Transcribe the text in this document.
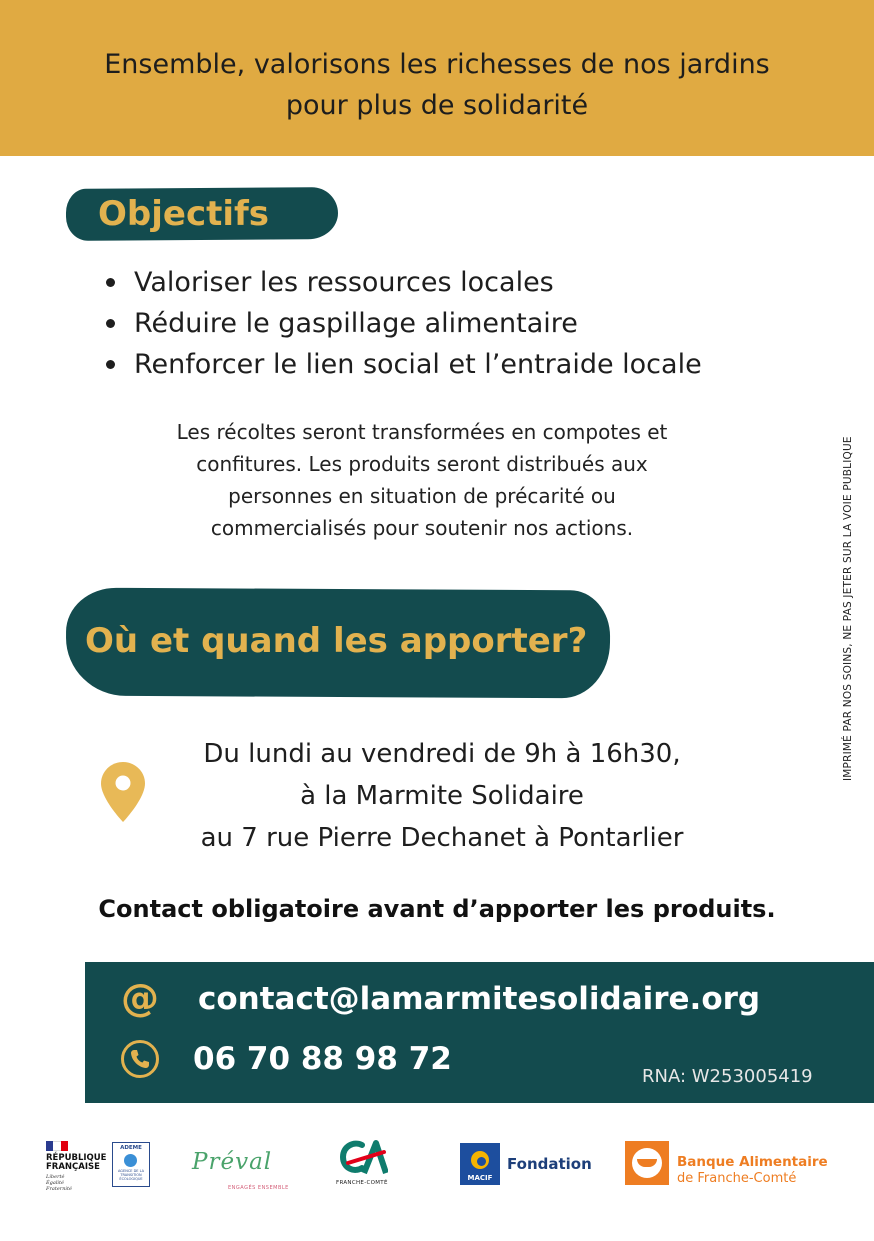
Ensemble, valorisons les richesses de nos jardins
pour plus de solidarité
Objectifs
Valoriser les ressources locales
Réduire le gaspillage alimentaire
Renforcer le lien social et l’entraide locale
Les récoltes seront transformées en compotes et
confitures. Les produits seront distribués aux
personnes en situation de précarité ou
commercialisés pour soutenir nos actions.	IMPRIMÉ PAR NOS SOINS, NE PAS JETER SUR LA VOIE PUBLIQUE
Où et quand les apporter?
Du lundi au vendredi de 9h à 16h30,
à la Marmite Solidaire
au 7 rue Pierre Dechanet à Pontarlier
Contact obligatoire avant d’apporter les produits.
@ contact@lamarmitesolidaire.org
06 70 88 98 72	RNA: W253005419
RÉPUBLIQUE
FRANÇAISE
Liberté
Égalité
Fraternité
ADEME
AGENCE DE LA
TRANSITION
ÉCOLOGIQUE
Préval
ENGAGÉS ENSEMBLE
FRANCHE-COMTÉ
MACIF
Fondation	Banque Alimentaire
de Franche-Comté
